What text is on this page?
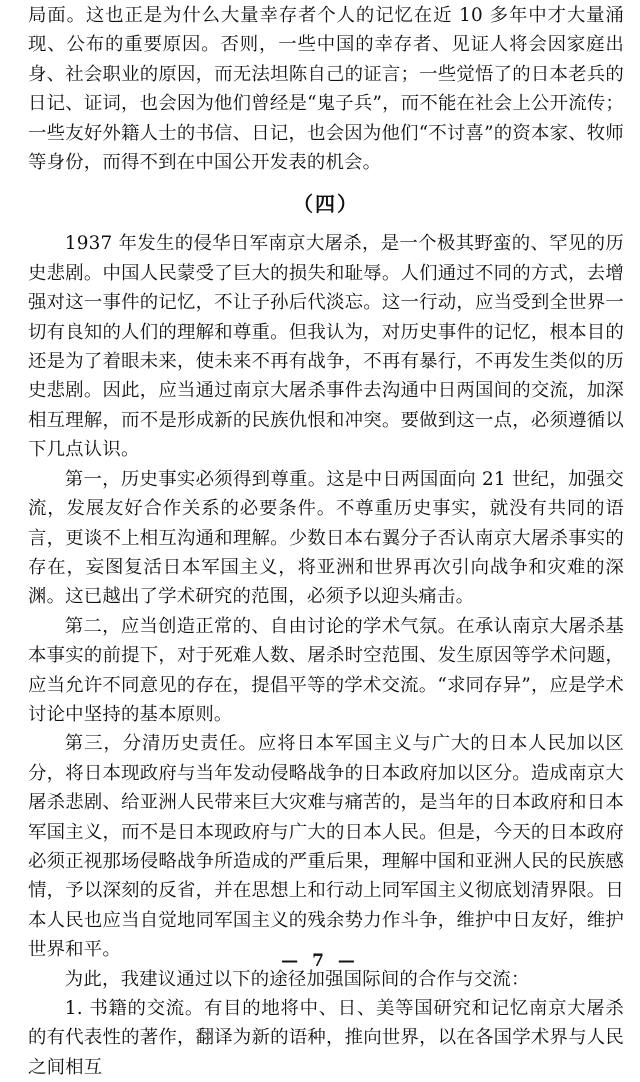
局面。这也正是为什么大量幸存者个人的记忆在近 10 多年中才大量涌现、公布的重要原因。否则，一些中国的幸存者、见证人将会因家庭出身、社会职业的原因，而无法坦陈自己的证言；一些觉悟了的日本老兵的日记、证词，也会因为他们曾经是“鬼子兵”，而不能在社会上公开流传；一些友好外籍人士的书信、日记，也会因为他们“不讨喜”的资本家、牧师等身份，而得不到在中国公开发表的机会。

（四）

1937 年发生的侵华日军南京大屠杀，是一个极其野蛮的、罕见的历史悲剧。中国人民蒙受了巨大的损失和耻辱。人们通过不同的方式，去增强对这一事件的记忆，不让子孙后代淡忘。这一行动，应当受到全世界一切有良知的人们的理解和尊重。但我认为，对历史事件的记忆，根本目的还是为了着眼未来，使未来不再有战争，不再有暴行，不再发生类似的历史悲剧。因此，应当通过南京大屠杀事件去沟通中日两国间的交流，加深相互理解，而不是形成新的民族仇恨和冲突。要做到这一点，必须遵循以下几点认识。

第一，历史事实必须得到尊重。这是中日两国面向 21 世纪，加强交流，发展友好合作关系的必要条件。不尊重历史事实，就没有共同的语言，更谈不上相互沟通和理解。少数日本右翼分子否认南京大屠杀事实的存在，妄图复活日本军国主义，将亚洲和世界再次引向战争和灾难的深渊。这已越出了学术研究的范围，必须予以迎头痛击。

第二，应当创造正常的、自由讨论的学术气氛。在承认南京大屠杀基本事实的前提下，对于死难人数、屠杀时空范围、发生原因等学术问题，应当允许不同意见的存在，提倡平等的学术交流。“求同存异”，应是学术讨论中坚持的基本原则。

第三，分清历史责任。应将日本军国主义与广大的日本人民加以区分，将日本现政府与当年发动侵略战争的日本政府加以区分。造成南京大屠杀悲剧、给亚洲人民带来巨大灾难与痛苦的，是当年的日本政府和日本军国主义，而不是日本现政府与广大的日本人民。但是，今天的日本政府必须正视那场侵略战争所造成的严重后果，理解中国和亚洲人民的民族感情，予以深刻的反省，并在思想上和行动上同军国主义彻底划清界限。日本人民也应当自觉地同军国主义的残余势力作斗争，维护中日友好，维护世界和平。

为此，我建议通过以下的途径加强国际间的合作与交流：

1. 书籍的交流。有目的地将中、日、美等国研究和记忆南京大屠杀的有代表性的著作，翻译为新的语种，推向世界，以在各国学术界与人民之间相互

— 7 —
